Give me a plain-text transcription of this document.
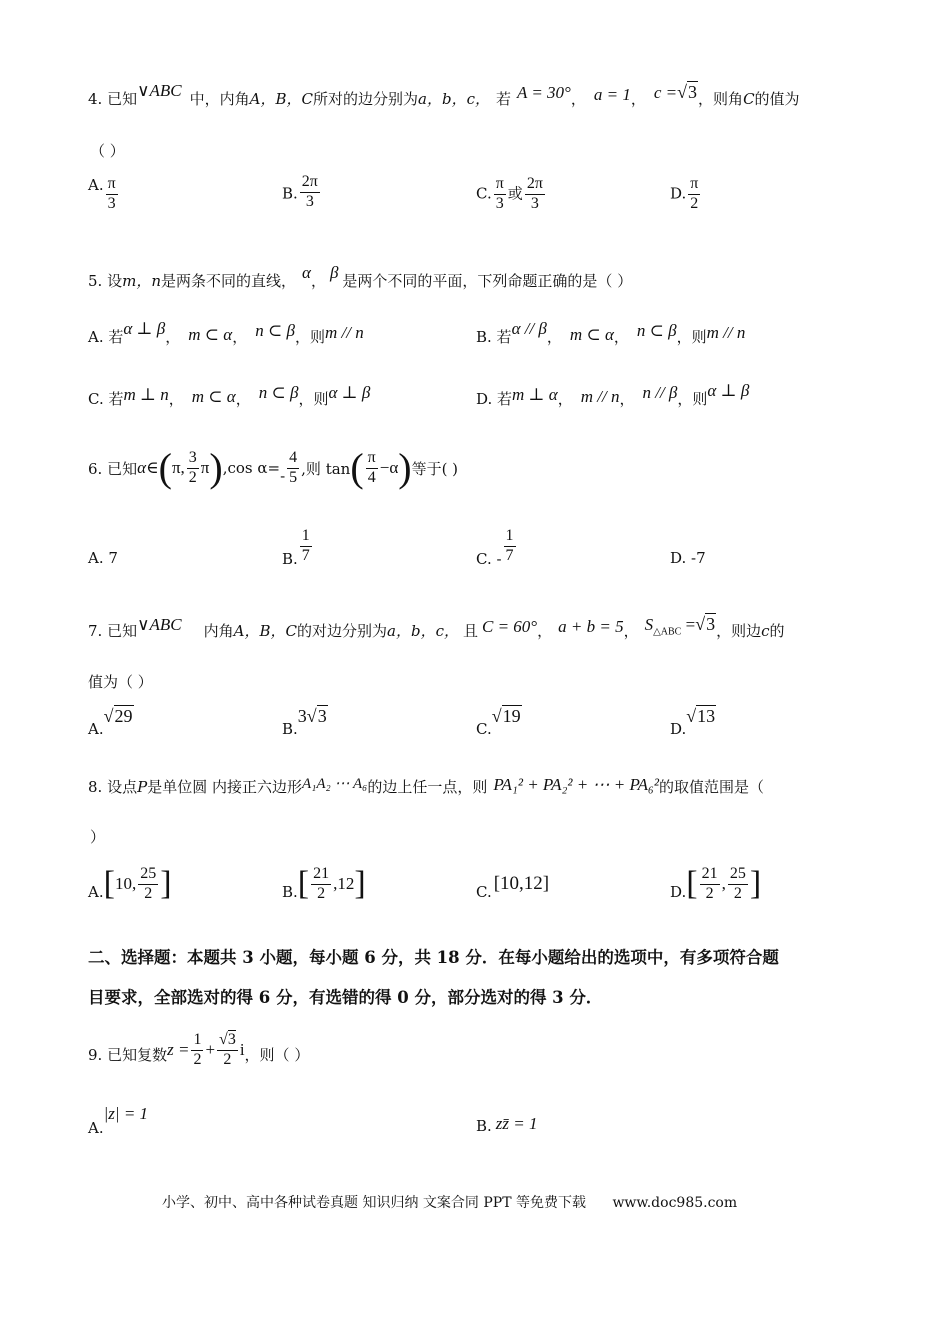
4. 已知∨ABC 中，内角A，B，C所对的边分别为a，b，c， 若 A = 30°， a = 1， c =√3，则角C的值为
（ ）
A. $\frac{\pi}{3}$	B. $\frac{2\pi}{3}$	C. $\frac{\pi}{3}$ 或 $\frac{2\pi}{3}$	D. $\frac{\pi}{2}$
5. 设m，n是两条不同的直线， α， β 是两个不同的平面，下列命题正确的是（ ）
A. 若α ⊥ β， m ⊂ α， n ⊂ β，则m // n	B. 若α // β， m ⊂ α， n ⊂ β，则m // n
C. 若m ⊥ n， m ⊂ α， n ⊂ β，则α ⊥ β	D. 若m ⊥ α， m // n， n // β，则α ⊥ β
6. 已知 α∈ ( π, $\frac{3}{2}$ π ) ,cos $\alpha= - \frac{4}{5}$ ,则 tan ( $\frac{\pi}{4} -\alpha$ ) 等于( )
A. 7	B. $\frac{1}{7}$	C. - $\frac{1}{7}$	D. -7
7. 已知∨ABC 内角A，B，C的对边分别为a，b，c， 且 C = 60°， a + b = 5， $S_{\triangle ABC} =√3$，则边c的
值为（ ）
A.√29
B.3√3
C.√19
D.√13
8. 设点P是单位圆 内接正六边形A₁A₂ ⋯ A₆的边上任一点，则 PA₁² + PA₂² + ⋯ + PA₆²的取值范围是（
）
A. [ 10, $\frac{25}{2}$ ]	B. [ $\frac{21}{2} ,12$ ]	C. [10,12]	D. [ $\frac{21}{2}$ , $\frac{25}{2}$ ]
二、选择题：本题共 3 小题，每小题 6 分，共 18 分．在每小题给出的选项中，有多项符合题
目要求，全部选对的得 6 分，有选错的得 0 分，部分选对的得 3 分．
9. 已知复数 $z = \frac{1}{2} + \frac{√3}{2}$ i ，则（ ）
A.|z| = 1
B. zz̄ = 1
小学、初中、高中各种试卷真题 知识归纳 文案合同 PPT 等免费下载 www.doc985.com
